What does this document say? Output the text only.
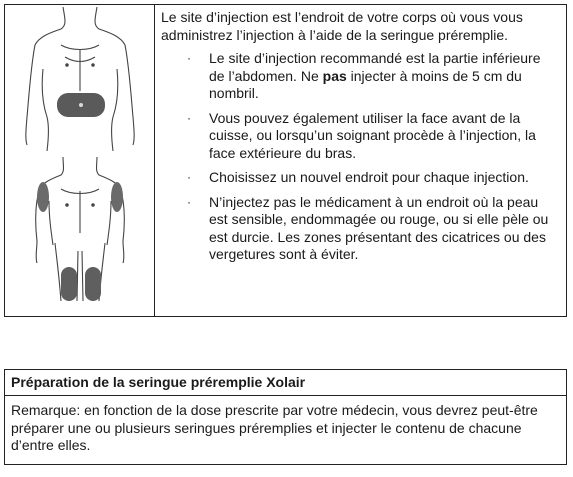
Le site d’injection est l’endroit de votre corps où vous vous administrez l’injection à l’aide de la seringue préremplie.

· Le site d’injection recommandé est la partie inférieure de l’abdomen. Ne pas injecter à moins de 5 cm du nombril.
· Vous pouvez également utiliser la face avant de la cuisse, ou lorsqu’un soignant procède à l’injection, la face extérieure du bras.
· Choisissez un nouvel endroit pour chaque injection.
· N’injectez pas le médicament à un endroit où la peau est sensible, endommagée ou rouge, ou si elle pèle ou est durcie. Les zones présentant des cicatrices ou des vergetures sont à éviter.
Préparation de la seringue préremplie Xolair
Remarque: en fonction de la dose prescrite par votre médecin, vous devrez peut-être préparer une ou plusieurs seringues préremplies et injecter le contenu de chacune d’entre elles.
